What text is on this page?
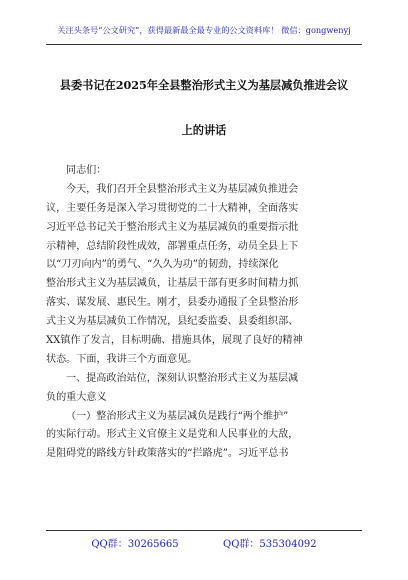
关注头条号“公文研究”，获得最新最全最专业的公文资料库！ 微信：gongwenyj
县委书记在2025年全县整治形式主义为基层减负推进会议
上的讲话
同志们：
今天，我们召开全县整治形式主义为基层减负推进会
议，主要任务是深入学习贯彻党的二十大精神，全面落实
习近平总书记关于整治形式主义为基层减负的重要指示批
示精神，总结阶段性成效，部署重点任务，动员全县上下
以“刀刃向内”的勇气、“久久为功”的韧劲，持续深化
整治形式主义为基层减负，让基层干部有更多时间精力抓
落实、谋发展、惠民生。刚才，县委办通报了全县整治形
式主义为基层减负工作情况，县纪委监委、县委组织部、
XX镇作了发言，目标明确、措施具体，展现了良好的精神
状态。下面，我讲三个方面意见。
一、提高政治站位，深刻认识整治形式主义为基层减
负的重大意义
（一）整治形式主义为基层减负是践行“两个维护”
的实际行动。形式主义官僚主义是党和人民事业的大敌，
是阻碍党的路线方针政策落实的“拦路虎”。习近平总书
QQ群：30265665	QQ群：535304092
